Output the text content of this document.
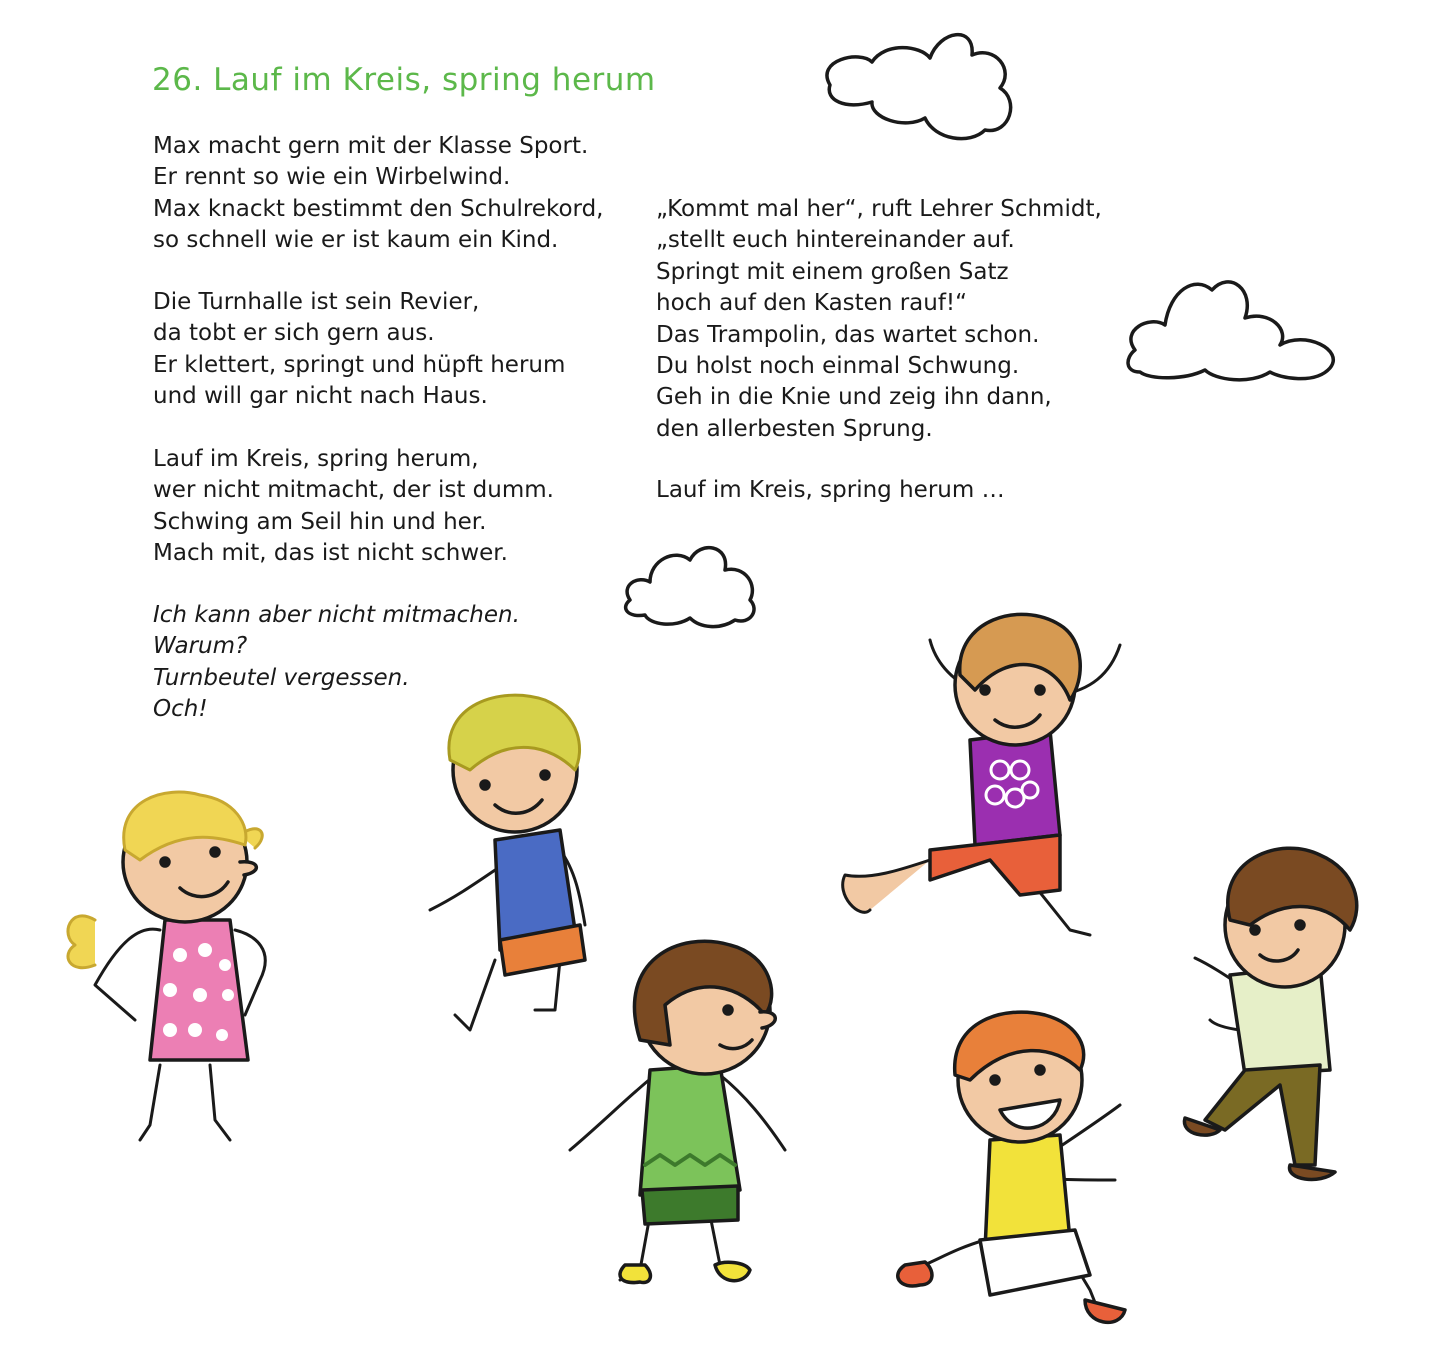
26. Lauf im Kreis, spring herum
Max macht gern mit der Klasse Sport.
Er rennt so wie ein Wirbelwind.
Max knackt bestimmt den Schulrekord,
so schnell wie er ist kaum ein Kind.
Die Turnhalle ist sein Revier,
da tobt er sich gern aus.
Er klettert, springt und hüpft herum
und will gar nicht nach Haus.
Lauf im Kreis, spring herum,
wer nicht mitmacht, der ist dumm.
Schwing am Seil hin und her.
Mach mit, das ist nicht schwer.
Ich kann aber nicht mitmachen.
Warum?
Turnbeutel vergessen.
Och!
„Kommt mal her“, ruft Lehrer Schmidt,
„stellt euch hintereinander auf.
Springt mit einem großen Satz
hoch auf den Kasten rauf!“
Das Trampolin, das wartet schon.
Du holst noch einmal Schwung.
Geh in die Knie und zeig ihn dann,
den allerbesten Sprung.
Lauf im Kreis, spring herum …
